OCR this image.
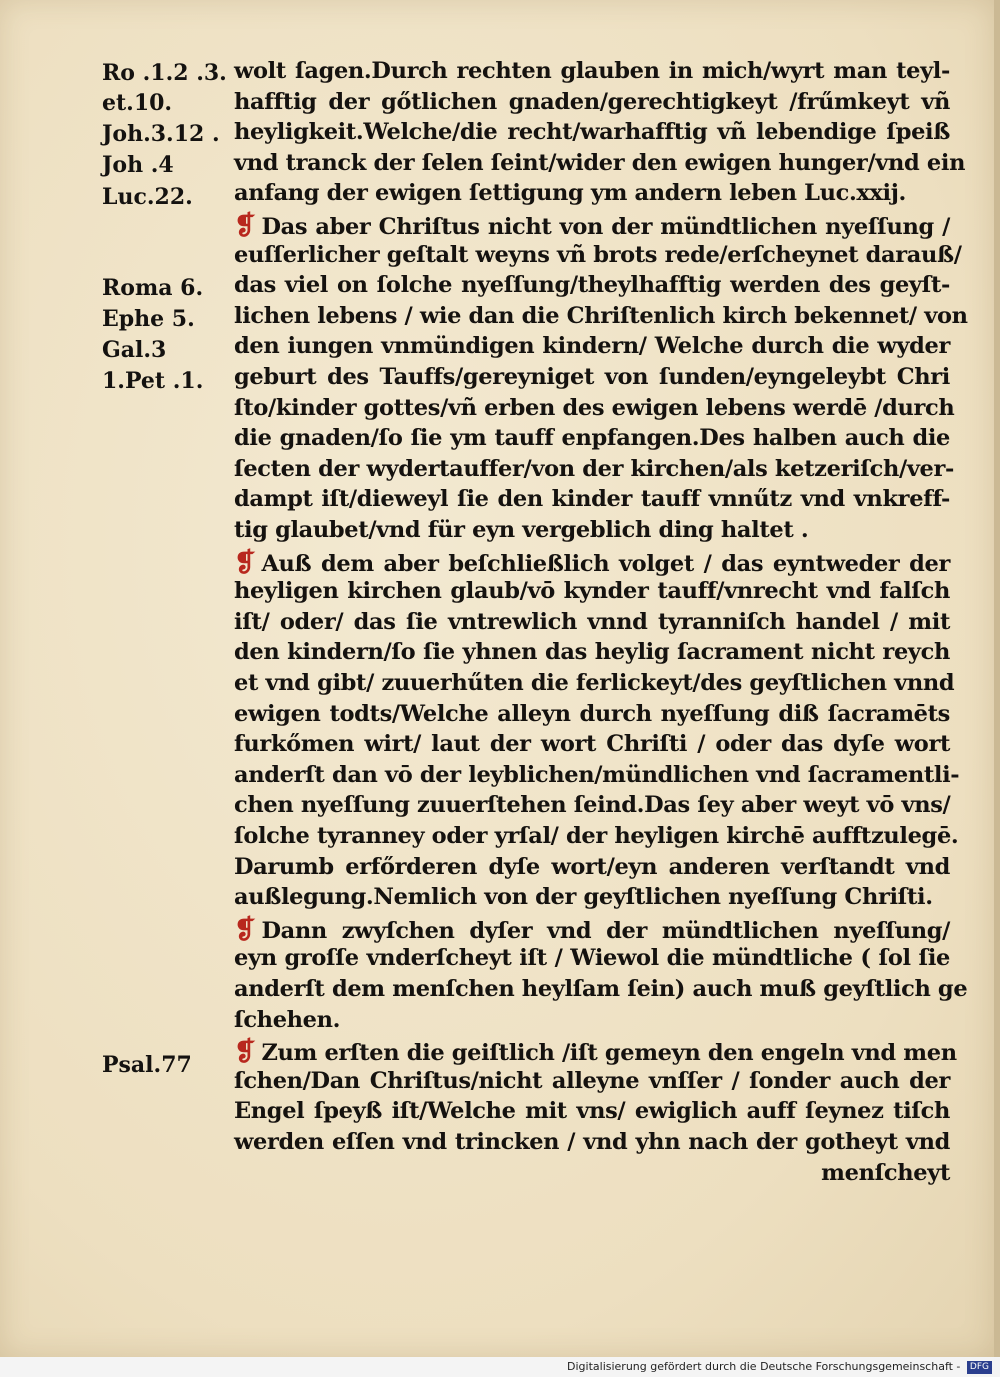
Ro .1.2 .3.
et.10.
Joh.3.12 .
Joh .4
Luc.22.
Roma 6.
Ephe 5.
Gal.3
1.Pet .1.
Psal.77
wolt ſagen.Durch rechten glauben in mich/wyrt man teyl-
hafftig der gőtlichen gnaden/gerechtigkeyt /frűmkeyt vñ
heyligkeit.Welche/die recht/warhafftig vñ lebendige ſpeiß
vnd tranck der ſelen ſeint/wider den ewigen hunger/vnd ein
anfang der ewigen ſettigung ym andern leben Luc.xxij.
❡ Das aber Chriſtus nicht von der mündtlichen nyeſſung /
euſſerlicher geſtalt weyns vñ brots rede/erſcheynet darauß/
das viel on ſolche nyeſſung/theylhafftig werden des geyſt-
lichen lebens / wie dan die Chriſtenlich kirch bekennet/ von
den iungen vnmündigen kindern/ Welche durch die wyder
geburt des Tauffs/gereyniget von ſunden/eyngeleybt Chri
ſto/kinder gottes/vñ erben des ewigen lebens werdē /durch
die gnaden/ſo ſie ym tauff enpfangen.Des halben auch die
ſecten der wydertauffer/von der kirchen/als ketzeriſch/ver-
dampt iſt/dieweyl ſie den kinder tauff vnnűtz vnd vnkreff-
tig glaubet/vnd für eyn vergeblich ding haltet .
❡ Auß dem aber beſchließlich volget / das eyntweder der
heyligen kirchen glaub/vō kynder tauff/vnrecht vnd falſch
iſt/ oder/ das ſie vntrewlich vnnd tyranniſch handel / mit
den kindern/ſo ſie yhnen das heylig ſacrament nicht reych
et vnd gibt/ zuuerhűten die ferlickeyt/des geyſtlichen vnnd
ewigen todts/Welche alleyn durch nyeſſung diß ſacramēts
furkőmen wirt/ laut der wort Chriſti / oder das dyſe wort
anderſt dan vō der leyblichen/mündlichen vnd ſacramentli-
chen nyeſſung zuuerſtehen ſeind.Das ſey aber weyt vō vns/
ſolche tyranney oder yrſal/ der heyligen kirchē aufftzulegē.
Darumb erfőrderen dyſe wort/eyn anderen verſtandt vnd
außlegung.Nemlich von der geyſtlichen nyeſſung Chriſti.
❡ Dann zwyſchen dyſer vnd der mündtlichen nyeſſung/
eyn groſſe vnderſcheyt iſt / Wiewol die mündtliche ( ſol ſie
anderſt dem menſchen heylſam ſein) auch muß geyſtlich ge
ſchehen.
❡ Zum erſten die geiſtlich /iſt gemeyn den engeln vnd men
ſchen/Dan Chriſtus/nicht alleyne vnſſer / ſonder auch der
Engel ſpeyß iſt/Welche mit vns/ ewiglich auff ſeynez tiſch
werden eſſen vnd trincken / vnd yhn nach der gotheyt vnd
menſcheyt
Digitalisierung gefördert durch die Deutsche Forschungsgemeinschaft - DFG
